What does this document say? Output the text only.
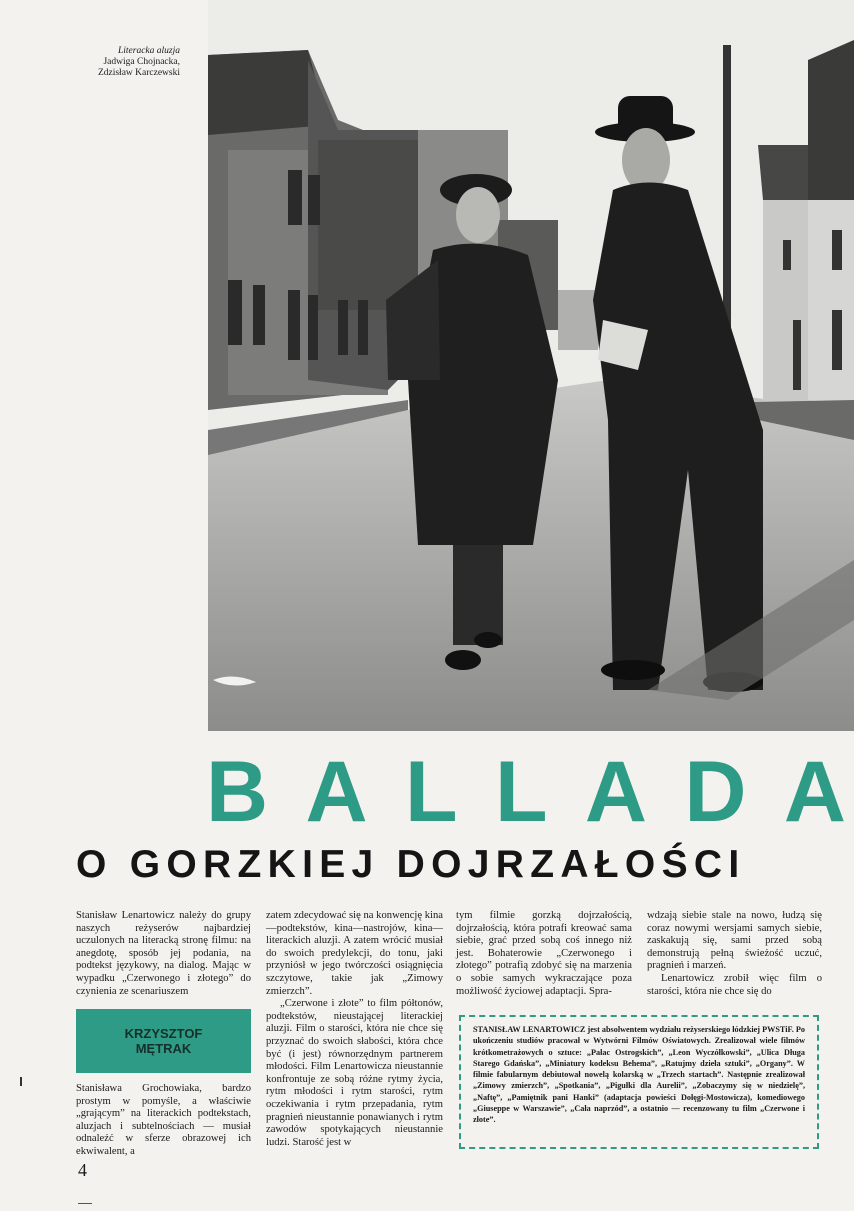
Literacka aluzja
Jadwiga Chojnacka,
Zdzisław Karczewski
B A L L A D A
O GORZKIEJ DOJRZAŁOŚCI

Stanisław Lenartowicz należy do grupy naszych reżyserów najbardziej uczulonych na literacką stronę filmu: na anegdotę, sposób jej podania, na podtekst językowy, na dialog. Mając w wypadku „Czerwonego i złotego” do czynienia ze scenariuszem

KRZYSZTOF
MĘTRAK

Stanisława Grochowiaka, bardzo prostym w pomyśle, a właściwie „grającym” na literackich podtekstach, aluzjach i subtelnościach — musiał odnaleźć w sferze obrazowej ich ekwiwalent, a

zatem zdecydować się na konwencję kina—podtekstów, kina—nastrojów, kina—literackich aluzji. A zatem wrócić musiał do swoich predylekcji, do tonu, jaki przyniósł w jego twórczości osiągnięcia szczytowe, takie jak „Zimowy zmierzch”.

„Czerwone i złote” to film półtonów, podtekstów, nieustającej literackiej aluzji. Film o starości, która nie chce się przyznać do swoich słabości, która chce być (i jest) równorzędnym partnerem młodości. Film Lenartowicza nieustannie konfrontuje ze sobą różne rytmy życia, rytm młodości i rytm starości, rytm oczekiwania i rytm przepadania, rytm pragnień nieustannie ponawianych i rytm zawodów spotykających nieustannie ludzi. Starość jest w

tym filmie gorzką dojrzałością, dojrzałością, która potrafi kreować sama siebie, grać przed sobą coś innego niż jest. Bohaterowie „Czerwonego i złotego” potrafią zdobyć się na marzenia o sobie samych wykraczające poza możliwość życiowej adaptacji. Spra-

wdzają siebie stale na nowo, łudzą się coraz nowymi wersjami samych siebie, zaskakują się, sami przed sobą demonstrują pełną świeżość uczuć, pragnień i marzeń.

Lenartowicz zrobił więc film o starości, która nie chce się do

STANISŁAW LENARTOWICZ jest absolwentem wydziału reżyserskiego łódzkiej PWSTiF. Po ukończeniu studiów pracował w Wytwórni Filmów Oświatowych. Zrealizował wiele filmów krótkometrażowych o sztuce: „Pałac Ostrogskich”, „Leon Wyczółkowski”, „Ulica Długa Starego Gdańska”, „Miniatury kodeksu Behema”, „Ratujmy dzieła sztuki”, „Organy”. W filmie fabularnym debiutował nowelą kolarską w „Trzech startach”. Następnie zrealizował „Zimowy zmierzch”, „Spotkania”, „Pigułki dla Aurelii”, „Zobaczymy się w niedzielę”, „Naftę”, „Pamiętnik pani Hanki” (adaptacja powieści Dołęgi-Mostowicza), komediowego „Giuseppe w Warszawie”, „Cała naprzód”, a ostatnio — recenzowany tu film „Czerwone i złote”.
4
